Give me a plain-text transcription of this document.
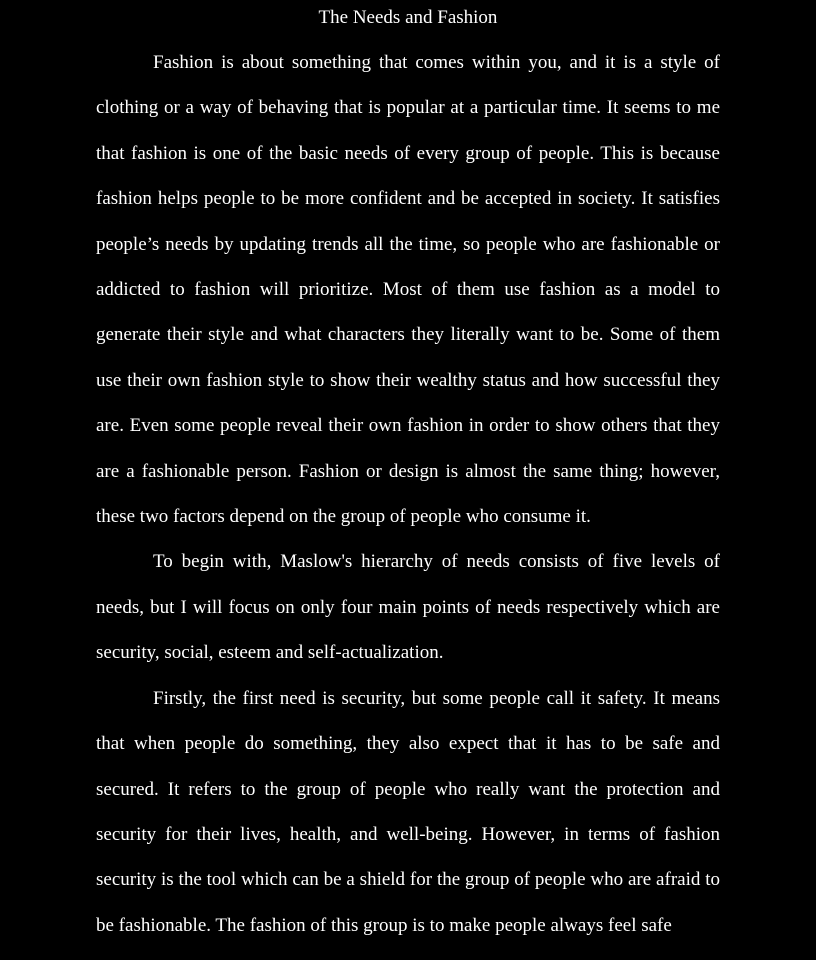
The Needs and Fashion

Fashion is about something that comes within you, and it is a style of clothing or a way of behaving that is popular at a particular time. It seems to me that fashion is one of the basic needs of every group of people. This is because fashion helps people to be more confident and be accepted in society. It satisfies people’s needs by updating trends all the time, so people who are fashionable or addicted to fashion will prioritize. Most of them use fashion as a model to generate their style and what characters they literally want to be. Some of them use their own fashion style to show their wealthy status and how successful they are. Even some people reveal their own fashion in order to show others that they are a fashionable person. Fashion or design is almost the same thing; however, these two factors depend on the group of people who consume it.

To begin with, Maslow's hierarchy of needs consists of five levels of needs, but I will focus on only four main points of needs respectively which are security, social, esteem and self-actualization.

Firstly, the first need is security, but some people call it safety. It means that when people do something, they also expect that it has to be safe and secured. It refers to the group of people who really want the protection and security for their lives, health, and well-being. However, in terms of fashion security is the tool which can be a shield for the group of people who are afraid to be fashionable. The fashion of this group is to make people always feel safe
